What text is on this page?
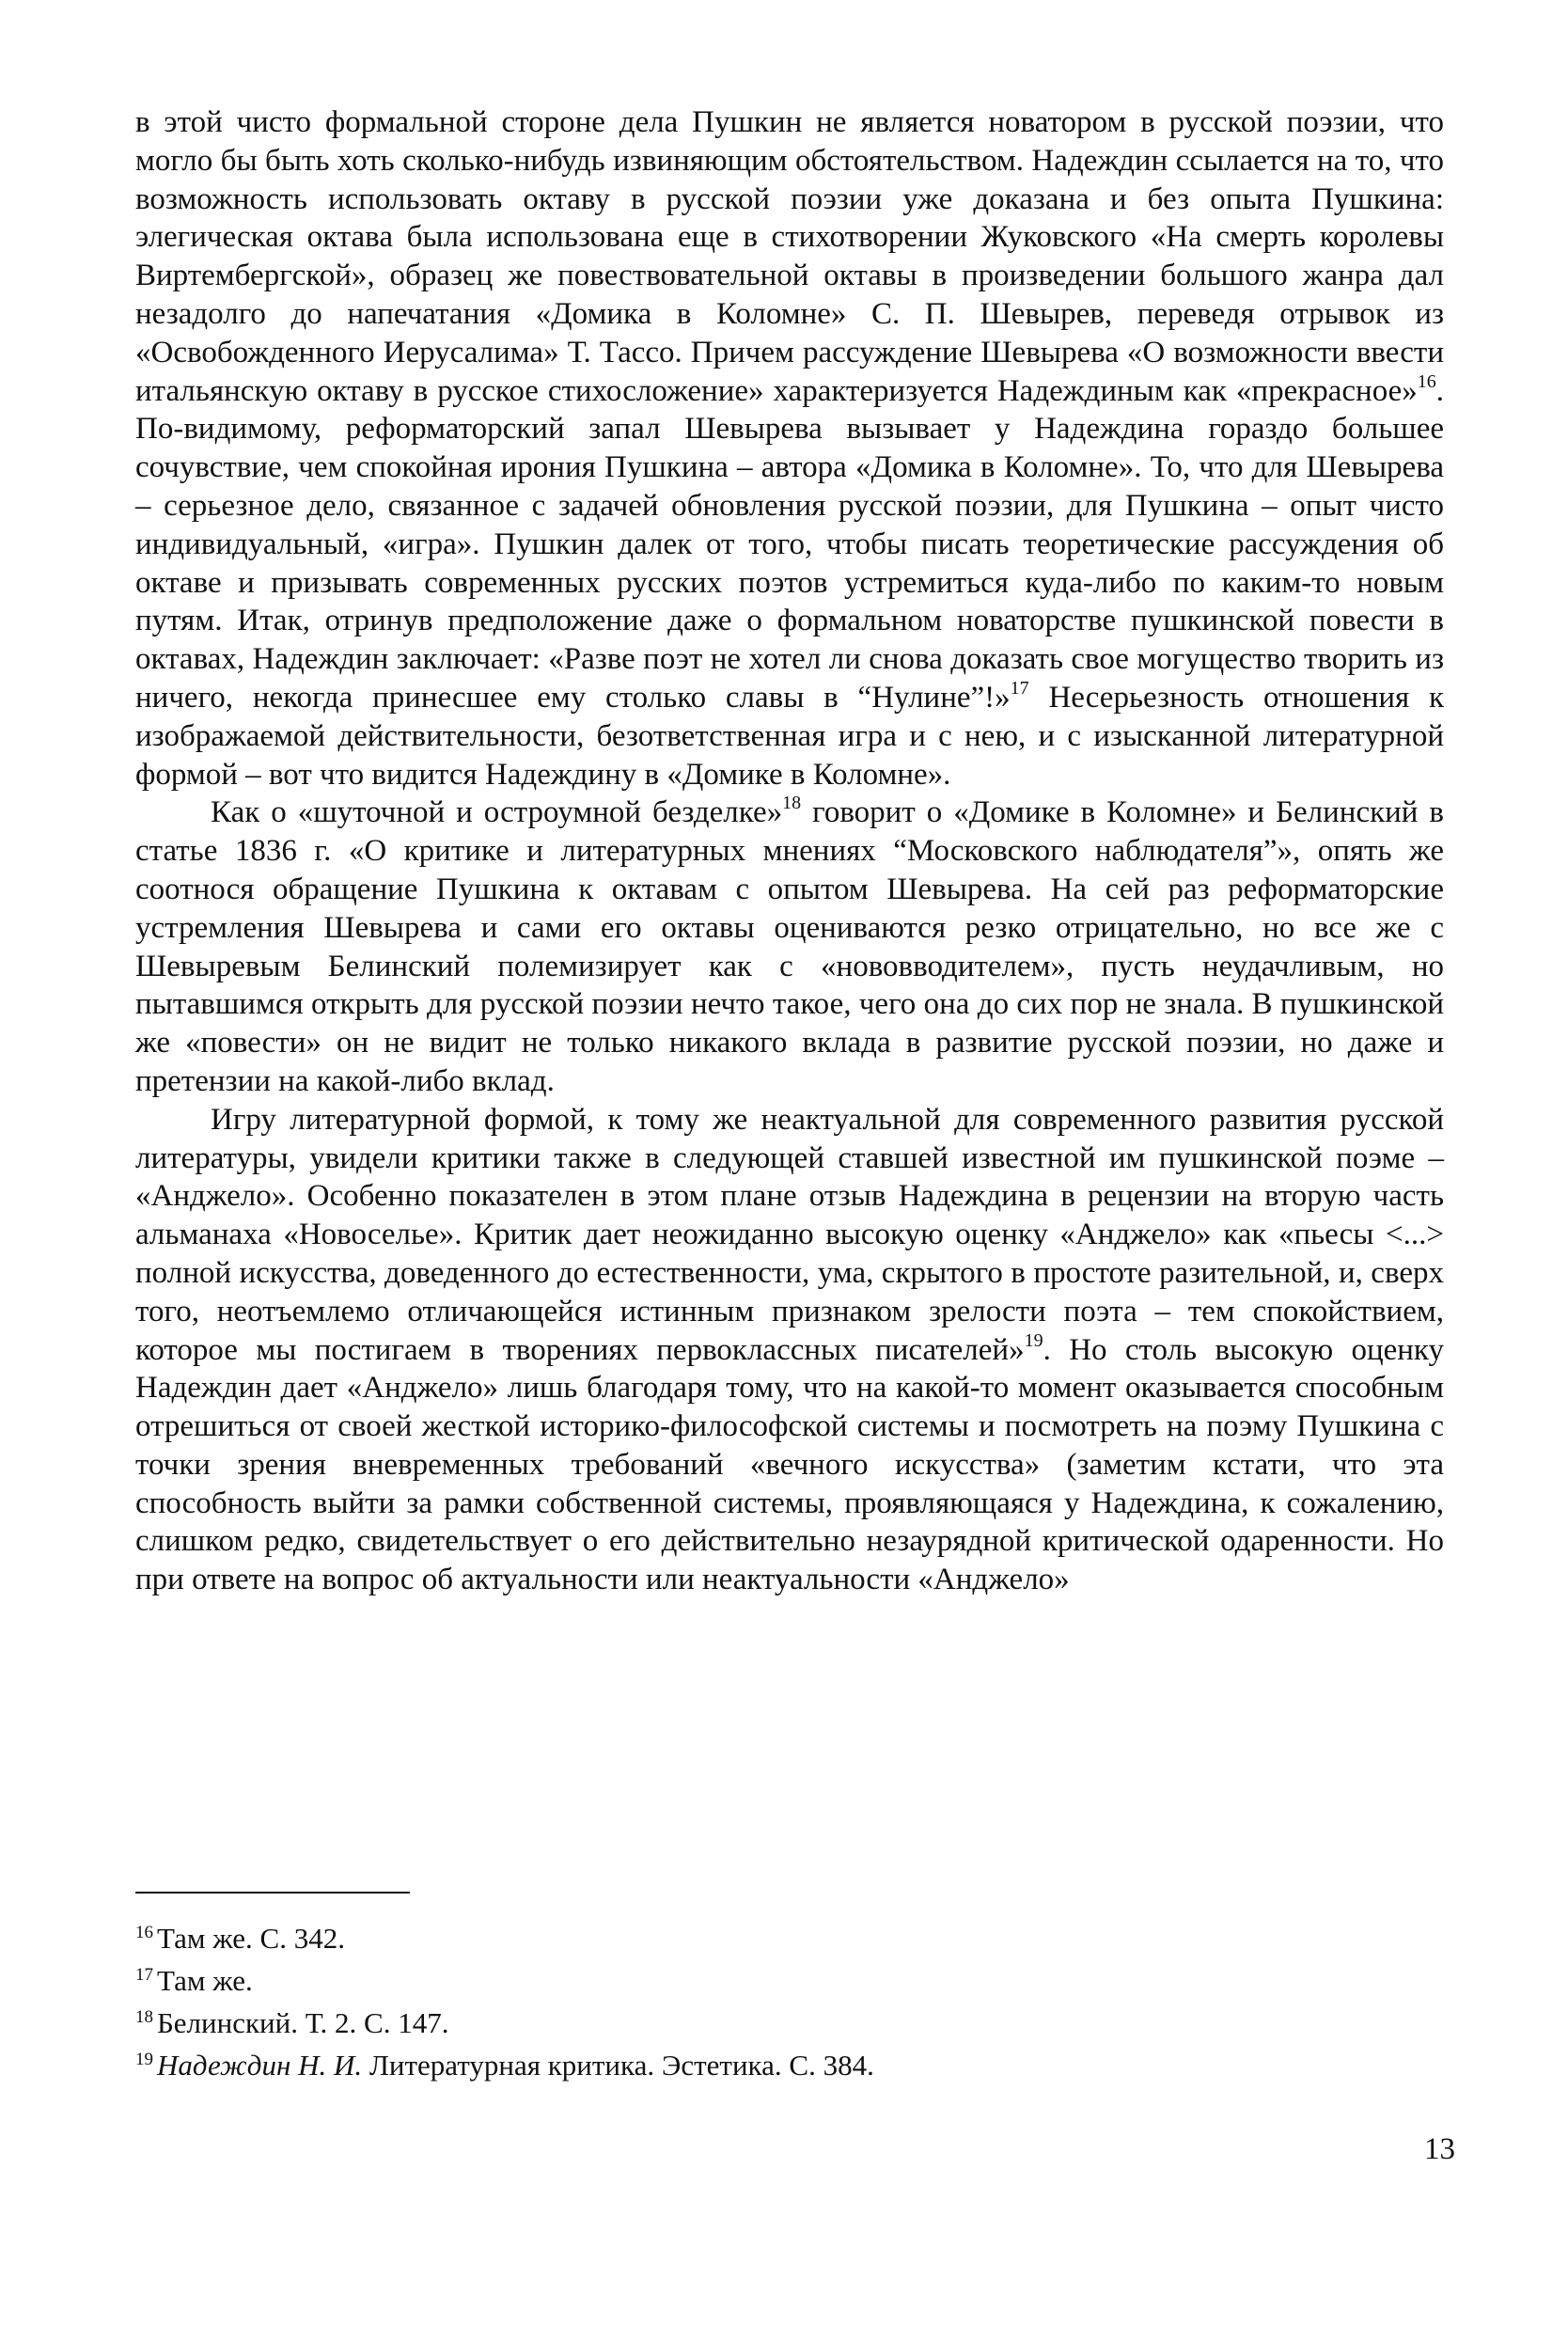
в этой чисто формальной стороне дела Пушкин не является новатором в русской поэзии, что могло бы быть хоть сколько-нибудь извиняющим обстоятельством. Надеждин ссылается на то, что возможность использовать октаву в русской поэзии уже доказана и без опыта Пушкина: элегическая октава была использована еще в стихотворении Жуковского «На смерть королевы Виртембергской», образец же повествовательной октавы в произведении большого жанра дал незадолго до напечатания «Домика в Коломне» С. П. Шевырев, переведя отрывок из «Освобожденного Иерусалима» Т. Тассо. Причем рассуждение Шевырева «О возможности ввести итальянскую октаву в русское стихосложение» характеризуется Надеждиным как «прекрасное»$^{16}$. По-видимому, реформаторский запал Шевырева вызывает у Надеждина гораздо большее сочувствие, чем спокойная ирония Пушкина – автора «Домика в Коломне». То, что для Шевырева – серьезное дело, связанное с задачей обновления русской поэзии, для Пушкина – опыт чисто индивидуальный, «игра». Пушкин далек от того, чтобы писать теоретические рассуждения об октаве и призывать современных русских поэтов устремиться куда-либо по каким-то новым путям. Итак, отринув предположение даже о формальном новаторстве пушкинской повести в октавах, Надеждин заключает: «Разве поэт не хотел ли снова доказать свое могущество творить из ничего, некогда принесшее ему столько славы в “Нулине”!»$^{17}$ Несерьезность отношения к изображаемой действительности, безответственная игра и с нею, и с изысканной литературной формой – вот что видится Надеждину в «Домике в Коломне».

Как о «шуточной и остроумной безделке»$^{18}$ говорит о «Домике в Коломне» и Белинский в статье 1836 г. «О критике и литературных мнениях “Московского наблюдателя”», опять же соотнося обращение Пушкина к октавам с опытом Шевырева. На сей раз реформаторские устремления Шевырева и сами его октавы оцениваются резко отрицательно, но все же с Шевыревым Белинский полемизирует как с «нововводителем», пусть неудачливым, но пытавшимся открыть для русской поэзии нечто такое, чего она до сих пор не знала. В пушкинской же «повести» он не видит не только никакого вклада в развитие русской поэзии, но даже и претензии на какой-либо вклад.

Игру литературной формой, к тому же неактуальной для современного развития русской литературы, увидели критики также в следующей ставшей известной им пушкинской поэме – «Анджело». Особенно показателен в этом плане отзыв Надеждина в рецензии на вторую часть альманаха «Новоселье». Критик дает неожиданно высокую оценку «Анджело» как «пьесы <...> полной искусства, доведенного до естественности, ума, скрытого в простоте разительной, и, сверх того, неотъемлемо отличающейся истинным признаком зрелости поэта – тем спокойствием, которое мы постигаем в творениях первоклассных писателей»$^{19}$. Но столь высокую оценку Надеждин дает «Анджело» лишь благодаря тому, что на какой-то момент оказывается способным отрешиться от своей жесткой историко-философской системы и посмотреть на поэму Пушкина с точки зрения вневременных требований «вечного искусства» (заметим кстати, что эта способность выйти за рамки собственной системы, проявляющаяся у Надеждина, к сожалению, слишком редко, свидетельствует о его действительно незаурядной критической одаренности. Но при ответе на вопрос об актуальности или неактуальности «Анджело»

$^{16}$ Там же. С. 342.

$^{17}$ Там же.

$^{18}$ Белинский. Т. 2. С. 147.

$^{19}$ Надеждин Н. И. Литературная критика. Эстетика. С. 384.

13
